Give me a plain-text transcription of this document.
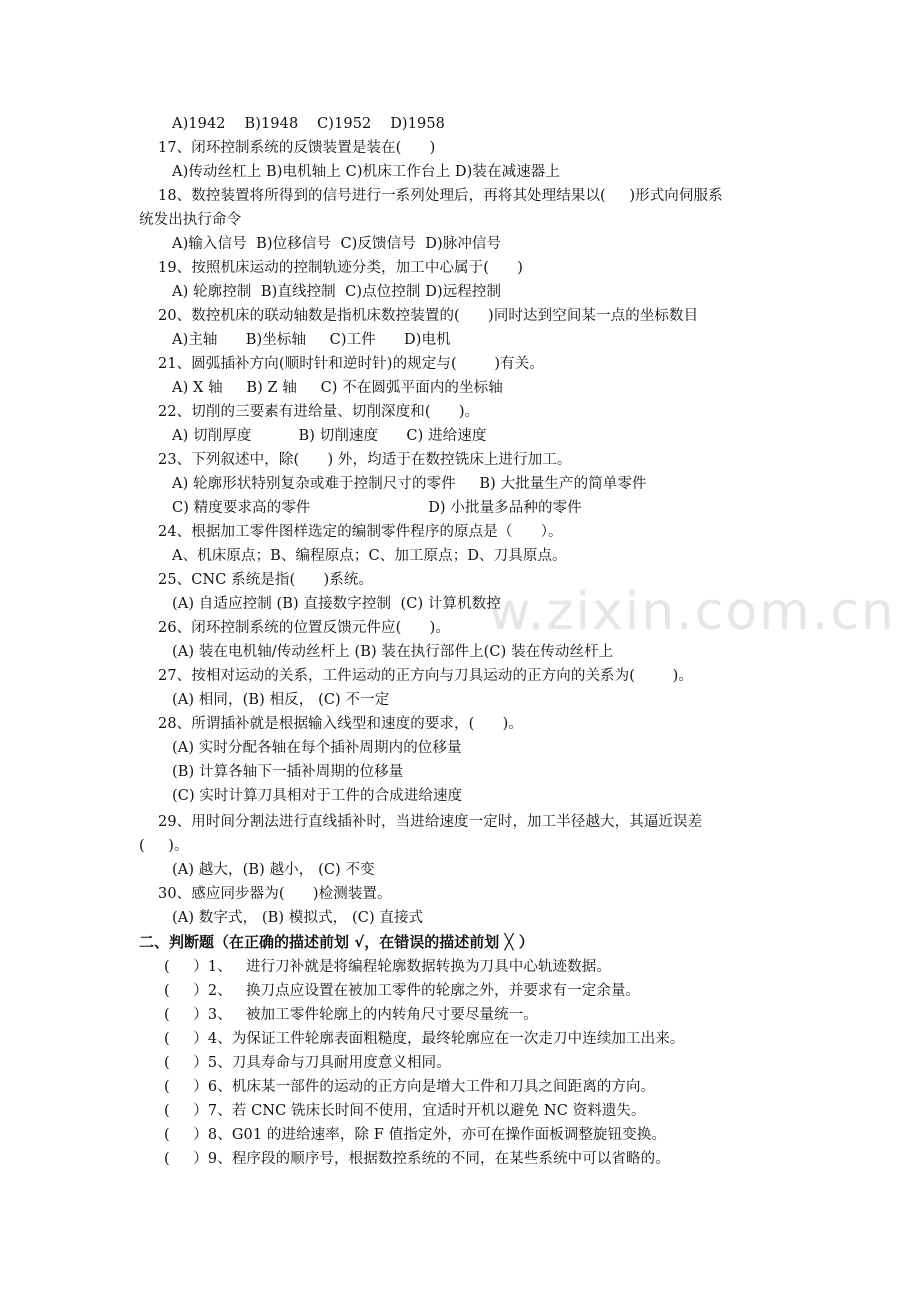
w.zixin.com.cn
A)1942    B)1948    C)1952    D)1958
17、闭环控制系统的反馈装置是装在(      )
A)传动丝杠上 B)电机轴上 C)机床工作台上 D)装在减速器上
18、数控装置将所得到的信号进行一系列处理后，再将其处理结果以(     )形式向伺服系
统发出执行命令
A)输入信号  B)位移信号  C)反馈信号  D)脉冲信号
19、按照机床运动的控制轨迹分类，加工中心属于(      )
A) 轮廓控制  B)直线控制  C)点位控制 D)远程控制
20、数控机床的联动轴数是指机床数控装置的(      )同时达到空间某一点的坐标数目
A)主轴      B)坐标轴     C)工件      D)电机
21、圆弧插补方向(顺时针和逆时针)的规定与(        )有关。
A) X 轴     B) Z 轴     C) 不在圆弧平面内的坐标轴
22、切削的三要素有进给量、切削深度和(      )。
A) 切削厚度          B) 切削速度      C) 进给速度
23、下列叙述中，除(      ) 外，均适于在数控铣床上进行加工。
A) 轮廓形状特别复杂或难于控制尺寸的零件     B) 大批量生产的简单零件
C) 精度要求高的零件                         D) 小批量多品种的零件
24、根据加工零件图样选定的编制零件程序的原点是（      ）。
A、机床原点；B、编程原点；C、加工原点；D、刀具原点。
25、CNC 系统是指(      )系统。
(A) 自适应控制 (B) 直接数字控制  (C) 计算机数控
26、闭环控制系统的位置反馈元件应(      )。
(A) 装在电机轴/传动丝杆上 (B) 装在执行部件上(C) 装在传动丝杆上
27、按相对运动的关系，工件运动的正方向与刀具运动的正方向的关系为(        )。
(A) 相同，(B) 相反， (C) 不一定
28、所谓插补就是根据输入线型和速度的要求，(      )。
(A) 实时分配各轴在每个插补周期内的位移量
(B) 计算各轴下一插补周期的位移量
(C) 实时计算刀具相对于工件的合成进给速度
29、用时间分割法进行直线插补时，当进给速度一定时，加工半径越大，其逼近误差
(     )。
(A) 越大，(B) 越小， (C) 不变
30、感应同步器为(      )检测装置。
(A) 数字式， (B) 模拟式， (C) 直接式
二、判断题（在正确的描述前划 √，在错误的描述前划 ╳ ）
(     ）1、   进行刀补就是将编程轮廓数据转换为刀具中心轨迹数据。
(     ）2、   换刀点应设置在被加工零件的轮廓之外，并要求有一定余量。
(     ）3、   被加工零件轮廓上的内转角尺寸要尽量统一。
(     ）4、为保证工件轮廓表面粗糙度，最终轮廓应在一次走刀中连续加工出来。
(     ）5、刀具寿命与刀具耐用度意义相同。
(     ）6、机床某一部件的运动的正方向是增大工件和刀具之间距离的方向。
(     ）7、若 CNC 铣床长时间不使用，宜适时开机以避免 NC 资料遗失。
(     ）8、G01 的进给速率，除 F 值指定外，亦可在操作面板调整旋钮变换。
(     ）9、程序段的顺序号，根据数控系统的不同，在某些系统中可以省略的。
